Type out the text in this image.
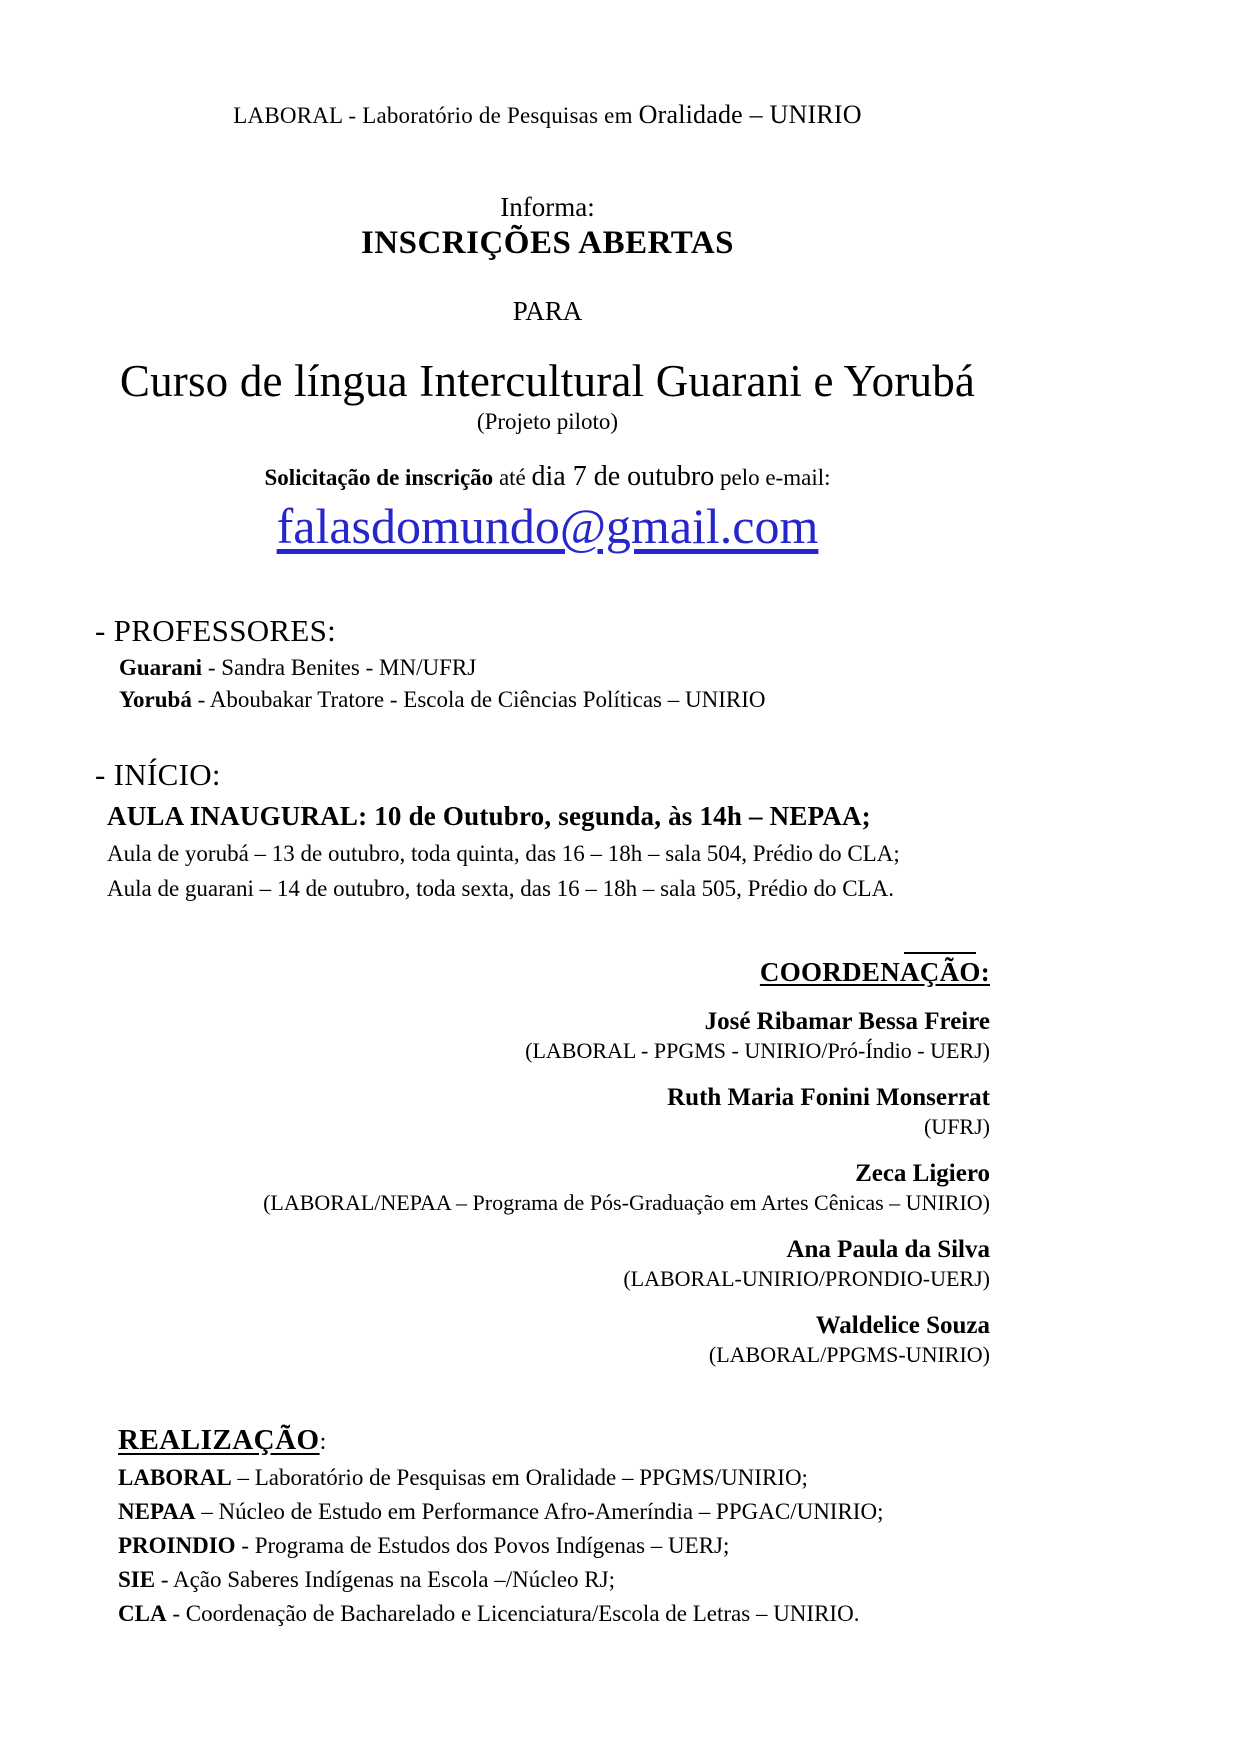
LABORAL - Laboratório de Pesquisas em Oralidade – UNIRIO
Informa:
INSCRIÇÕES ABERTAS
PARA
Curso de língua Intercultural Guarani e Yorubá
(Projeto piloto)
Solicitação de inscrição até dia 7 de outubro pelo e-mail:
falasdomundo@gmail.com
- PROFESSORES:
Guarani - Sandra Benites - MN/UFRJ
Yorubá - Aboubakar Tratore - Escola de Ciências Políticas – UNIRIO
- INÍCIO:
AULA INAUGURAL: 10 de Outubro, segunda, às 14h – NEPAA;
Aula de yorubá – 13 de outubro, toda quinta, das 16 – 18h – sala 504, Prédio do CLA;
Aula de guarani – 14 de outubro, toda sexta, das 16 – 18h – sala 505, Prédio do CLA.
COORDENAÇÃO:
José Ribamar Bessa Freire
(LABORAL - PPGMS - UNIRIO/Pró-Índio - UERJ)
Ruth Maria Fonini Monserrat
(UFRJ)
Zeca Ligiero
(LABORAL/NEPAA – Programa de Pós-Graduação em Artes Cênicas – UNIRIO)
Ana Paula da Silva
(LABORAL-UNIRIO/PRONDIO-UERJ)
Waldelice Souza
(LABORAL/PPGMS-UNIRIO)
REALIZAÇÃO:
LABORAL – Laboratório de Pesquisas em Oralidade – PPGMS/UNIRIO;
NEPAA – Núcleo de Estudo em Performance Afro-Ameríndia – PPGAC/UNIRIO;
PROINDIO - Programa de Estudos dos Povos Indígenas – UERJ;
SIE - Ação Saberes Indígenas na Escola –/Núcleo RJ;
CLA - Coordenação de Bacharelado e Licenciatura/Escola de Letras – UNIRIO.
